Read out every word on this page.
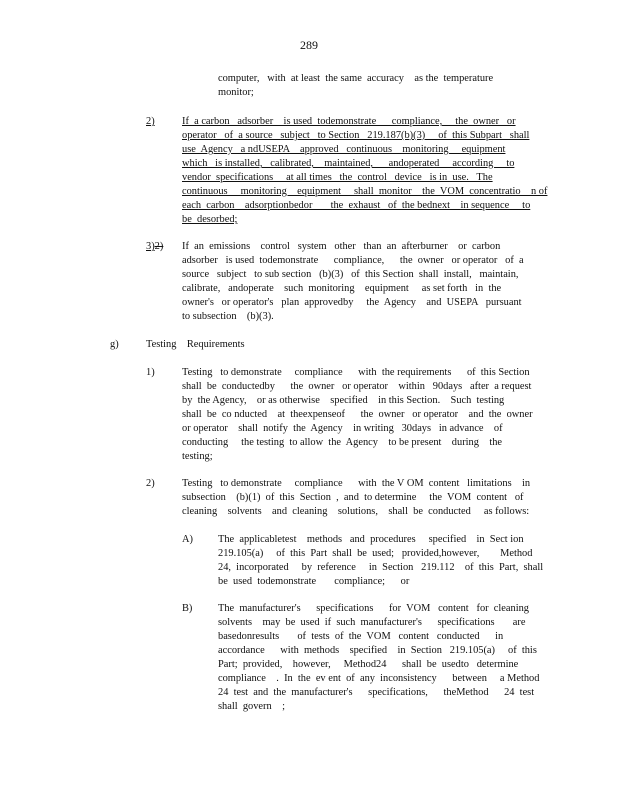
289
computer,   with  at least  the same  accuracy    as the  temperature
monitor;
2)	If  a carbon   adsorber    is used  todemonstrate      compliance,     the  owner   or
operator   of  a source   subject   to Section   219.187(b)(3)     of  this Subpart   shall
use  Agency   a ndUSEPA    approved   continuous    monitoring     equipment
which   is installed,   calibrated,    maintained,      andoperated     according     to
vendor  specifications     at all times   the  control   device   is in  use.   The
continuous     monitoring    equipment     shall  monitor    the  VOM  concentratio    n of
each  carbon    adsorptionbedor       the  exhaust   of  the bednext    in sequence     to
be  desorbed;
3)2) If  an  emissions    control   system   other   than  an  afterburner    or  carbon
adsorber   is used  todemonstrate      compliance,      the  owner   or operator   of  a
source   subject   to sub section   (b)(3)   of  this Section  shall  install,   maintain,
calibrate,   andoperate    such  monitoring    equipment     as set forth   in  the
owner's   or operator's   plan  approvedby     the  Agency    and  USEPA   pursuant
to subsection    (b)(3).
g)	Testing    Requirements
1)	Testing   to demonstrate     compliance      with  the requirements      of  this Section
shall  be  conductedby      the  owner   or operator    within   90days   after  a request
by  the Agency,    or as otherwise    specified    in this Section.    Such  testing
shall  be  co nducted    at  theexpenseof      the  owner   or operator    and  the  owner
or operator    shall  notify  the  Agency    in writing   30days   in advance    of
conducting     the testing  to allow  the  Agency    to be present    during    the
testing;
2)	Testing   to demonstrate     compliance      with  the V OM  content   limitations    in
subsection    (b)(1)  of  this  Section  ,  and  to determine     the  VOM  content   of
cleaning    solvents    and  cleaning    solutions,    shall  be  conducted     as follows:
A) The  applicabletest    methods   and  procedures     specified    in  Sect ion
219.105(a)     of  this  Part  shall  be  used;   provided,however,        Method
24,  incorporated     by  reference     in  Section   219.112    of  this  Part,  shall
be  used  todemonstrate       compliance;      or
B) The  manufacturer's      specifications      for  VOM   content   for  cleaning
solvents    may  be  used  if  such  manufacturer's      specifications       are
basedonresults       of  tests  of  the  VOM   content   conducted      in
accordance      with  methods    specified    in  Section   219.105(a)     of  this
Part;  provided,    however,     Method24      shall  be  usedto   determine
compliance    .  In  the  ev ent  of  any  inconsistency      between     a Method
24  test  and  the  manufacturer's      specifications,      theMethod      24  test
shall  govern    ;
